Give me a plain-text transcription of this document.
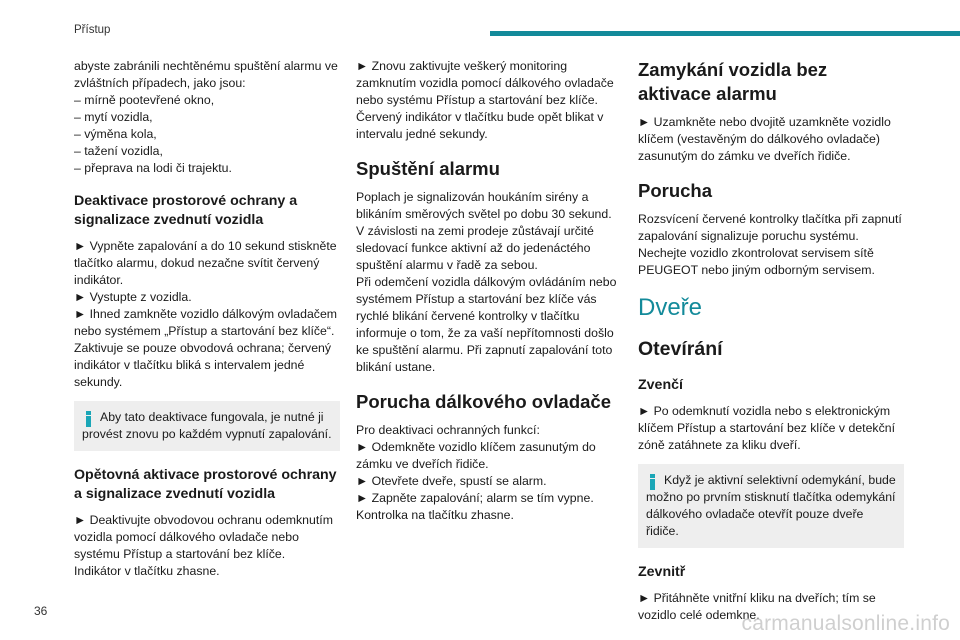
Přístup

abyste zabránili nechtěnému spuštění alarmu ve zvláštních případech, jako jsou:

– mírně pootevřené okno,
– mytí vozidla,
– výměna kola,
– tažení vozidla,
– přeprava na lodi či trajektu.
Deaktivace prostorové ochrany a signalizace zvednutí vozidla

► Vypněte zapalování a do 10 sekund stiskněte tlačítko alarmu, dokud nezačne svítit červený indikátor.

► Vystupte z vozidla.

► Ihned zamkněte vozidlo dálkovým ovladačem nebo systémem „Přístup a startování bez klíče“.

Zaktivuje se pouze obvodová ochrana; červený indikátor v tlačítku bliká s intervalem jedné sekundy.

Aby tato deaktivace fungovala, je nutné ji provést znovu po každém vypnutí zapalování.
Opětovná aktivace prostorové ochrany a signalizace zvednutí vozidla

► Deaktivujte obvodovou ochranu odemknutím vozidla pomocí dálkového ovladače nebo systému Přístup a startování bez klíče.

Indikátor v tlačítku zhasne.

► Znovu zaktivujte veškerý monitoring zamknutím vozidla pomocí dálkového ovladače nebo systému Přístup a startování bez klíče.

Červený indikátor v tlačítku bude opět blikat v intervalu jedné sekundy.

Spuštění alarmu

Poplach je signalizován houkáním sirény a blikáním směrových světel po dobu 30 sekund.

V závislosti na zemi prodeje zůstávají určité sledovací funkce aktivní až do jedenáctého spuštění alarmu v řadě za sebou.

Při odemčení vozidla dálkovým ovládáním nebo systémem Přístup a startování bez klíče vás rychlé blikání červené kontrolky v tlačítku informuje o tom, že za vaší nepřítomnosti došlo ke spuštění alarmu. Při zapnutí zapalování toto blikání ustane.

Porucha dálkového ovladače

Pro deaktivaci ochranných funkcí:

► Odemkněte vozidlo klíčem zasunutým do zámku ve dveřích řidiče.

► Otevřete dveře, spustí se alarm.

► Zapněte zapalování; alarm se tím vypne. Kontrolka na tlačítku zhasne.

Zamykání vozidla bez aktivace alarmu

► Uzamkněte nebo dvojitě uzamkněte vozidlo klíčem (vestavěným do dálkového ovladače) zasunutým do zámku ve dveřích řidiče.

Porucha

Rozsvícení červené kontrolky tlačítka při zapnutí zapalování signalizuje poruchu systému. Nechejte vozidlo zkontrolovat servisem sítě PEUGEOT nebo jiným odborným servisem.

Dveře
Otevírání
Zvenčí

► Po odemknutí vozidla nebo s elektronickým klíčem Přístup a startování bez klíče v detekční zóně zatáhnete za kliku dveří.

Když je aktivní selektivní odemykání, bude možno po prvním stisknutí tlačítka odemykání dálkového ovladače otevřít pouze dveře řidiče.
Zevnitř

► Přitáhněte vnitřní kliku na dveřích; tím se vozidlo celé odemkne.

36
carmanualsonline.info
